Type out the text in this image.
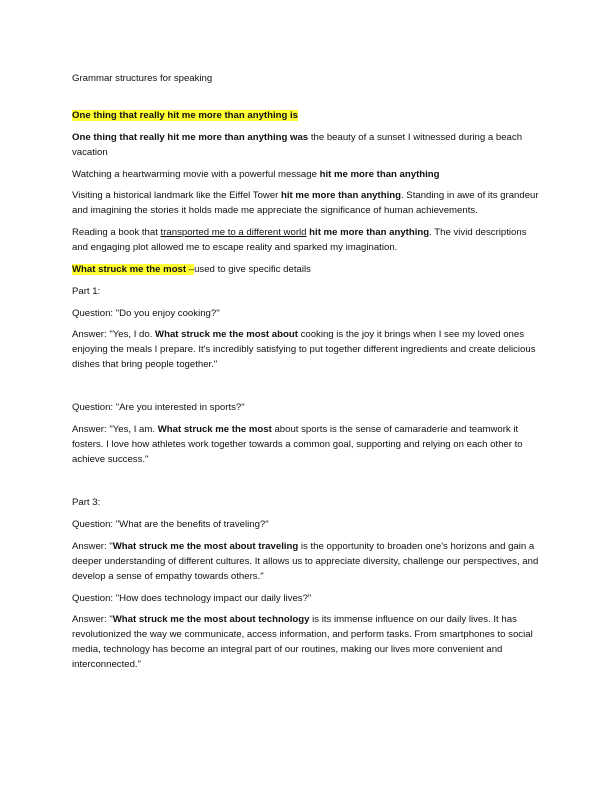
Grammar structures for speaking

One thing that really hit me more than anything is

One thing that really hit me more than anything was the beauty of a sunset I witnessed during a beach vacation

Watching a heartwarming movie with a powerful message hit me more than anything

Visiting a historical landmark like the Eiffel Tower hit me more than anything. Standing in awe of its grandeur and imagining the stories it holds made me appreciate the significance of human achievements.

Reading a book that transported me to a different world hit me more than anything. The vivid descriptions and engaging plot allowed me to escape reality and sparked my imagination.

What struck me the most –used to give specific details

Part 1:

Question: "Do you enjoy cooking?"

Answer: "Yes, I do. What struck me the most about cooking is the joy it brings when I see my loved ones enjoying the meals I prepare. It's incredibly satisfying to put together different ingredients and create delicious dishes that bring people together."

Question: "Are you interested in sports?"

Answer: "Yes, I am. What struck me the most about sports is the sense of camaraderie and teamwork it fosters. I love how athletes work together towards a common goal, supporting and relying on each other to achieve success."

Part 3:

Question: "What are the benefits of traveling?"

Answer: "What struck me the most about traveling is the opportunity to broaden one's horizons and gain a deeper understanding of different cultures. It allows us to appreciate diversity, challenge our perspectives, and develop a sense of empathy towards others."

Question: "How does technology impact our daily lives?"

Answer: "What struck me the most about technology is its immense influence on our daily lives. It has revolutionized the way we communicate, access information, and perform tasks. From smartphones to social media, technology has become an integral part of our routines, making our lives more convenient and interconnected."
